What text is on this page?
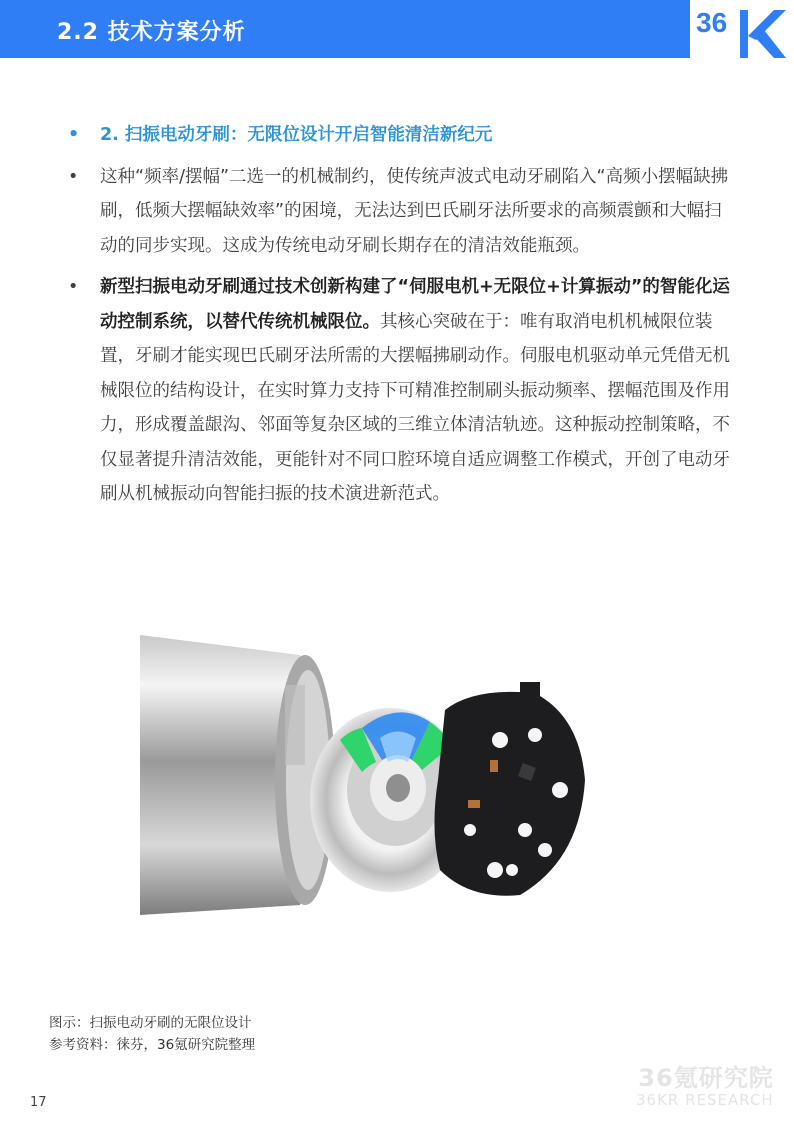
2.2 技术方案分析	36
• 2. 扫振电动牙刷：无限位设计开启智能清洁新纪元
• 这种“频率/摆幅”二选一的机械制约，使传统声波式电动牙刷陷入“高频小摆幅缺拂刷，低频大摆幅缺效率”的困境，无法达到巴氏刷牙法所要求的高频震颤和大幅扫动的同步实现。这成为传统电动牙刷长期存在的清洁效能瓶颈。
• 新型扫振电动牙刷通过技术创新构建了“伺服电机+无限位+计算振动”的智能化运动控制系统，以替代传统机械限位。其核心突破在于：唯有取消电机机械限位装置，牙刷才能实现巴氏刷牙法所需的大摆幅拂刷动作。伺服电机驱动单元凭借无机械限位的结构设计，在实时算力支持下可精准控制刷头振动频率、摆幅范围及作用力，形成覆盖龈沟、邻面等复杂区域的三维立体清洁轨迹。这种振动控制策略，不仅显著提升清洁效能，更能针对不同口腔环境自适应调整工作模式，开创了电动牙刷从机械振动向智能扫振的技术演进新范式。
图示：扫振电动牙刷的无限位设计
参考资料：徕芬，36氪研究院整理
36氪研究院
36KR RESEARCH
17
